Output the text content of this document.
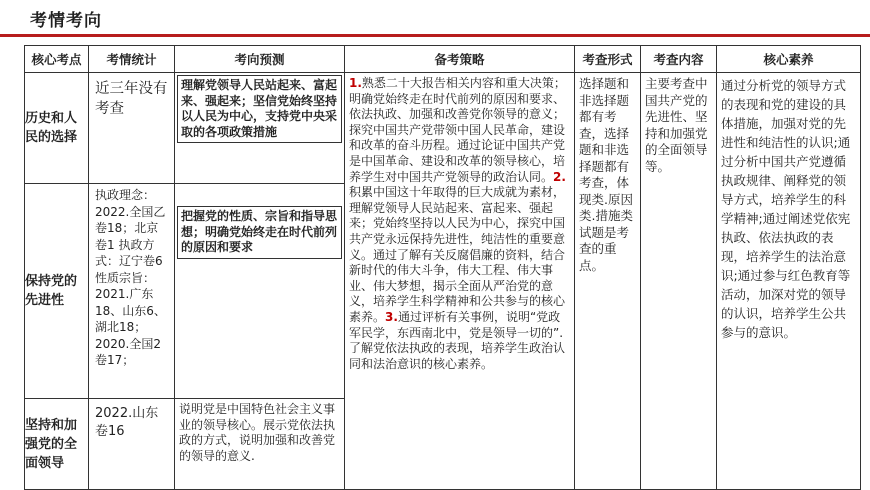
考情考向
核心考点	考情统计	考向预测	备考策略	考查形式	考查内容	核心素养
历史和人民的选择	近三年没有考查	理解党领导人民站起来、富起来、强起来；坚信党始终坚持以人民为中心，支持党中央采取的各项政策措施	1.熟悉二十大报告相关内容和重大决策；明确党始终走在时代前列的原因和要求、依法执政、加强和改善党你领导的意义；探究中国共产党带领中国人民革命，建设和改革的奋斗历程。通过论证中国共产党是中国革命、建设和改革的领导核心，培养学生对中国共产党领导的政治认同。2.积累中国这十年取得的巨大成就为素材，理解党领导人民站起来、富起来、强起来；党始终坚持以人民为中心，探究中国共产党永远保持先进性，纯洁性的重要意义。通过了解有关反腐倡廉的资料，结合新时代的伟大斗争，伟大工程、伟大事业、伟大梦想，揭示全面从严治党的意义，培养学生科学精神和公共参与的核心素养。3.通过评析有关事例，说明“党政军民学，东西南北中，党是领导一切的”.了解党依法执政的表现，培养学生政治认同和法治意识的核心素养。	选择题和非选择题都有考查，选择题和非选择题都有考查，体现类.原因类.措施类试题是考查的重点。	主要考查中国共产党的先进性、坚持和加强党的全面领导等。	通过分析党的领导方式的表现和党的建设的具体措施，加强对党的先进性和纯洁性的认识;通过分析中国共产党遵循执政规律、阐释党的领导方式，培养学生的科学精神;通过阐述党依宪执政、依法执政的表现，培养学生的法治意识;通过参与红色教育等活动，加深对党的领导的认识，培养学生公共参与的意识。

保持党的先进性	执政理念：2022.全国乙卷18；北京卷1 执政方式：辽宁卷6 性质宗旨：2021.广东18、山东6、湖北18；2020.全国2卷17；	把握党的性质、宗旨和指导思想；明确党始终走在时代前列的原因和要求				

坚持和加强党的全面领导	2022.山东卷16	说明党是中国特色社会主义事业的领导核心。展示党依法执政的方式，说明加强和改善党的领导的意义.				
